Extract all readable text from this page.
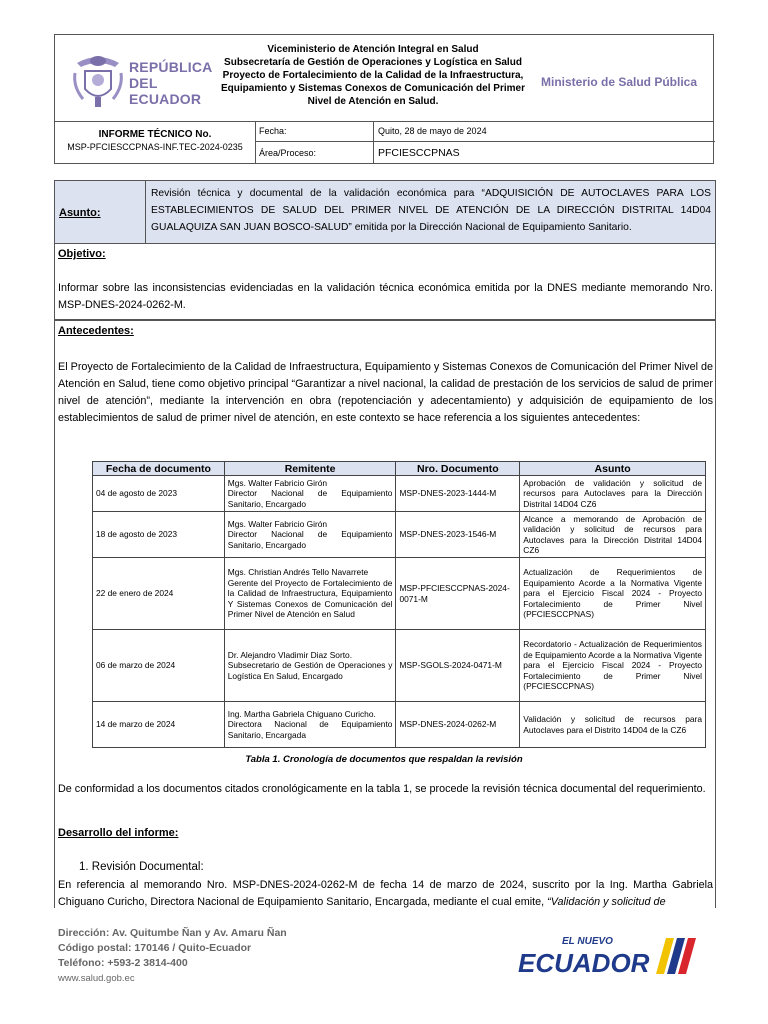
REPÚBLICA
DEL ECUADOR
Viceministerio de Atención Integral en Salud
Subsecretaría de Gestión de Operaciones y Logística en Salud
Proyecto de Fortalecimiento de la Calidad de la Infraestructura,
Equipamiento y Sistemas Conexos de Comunicación del Primer
Nivel de Atención en Salud.
Ministerio de Salud Pública
INFORME TÉCNICO No.
MSP-PFCIESCCPNAS-INF.TEC-2024-0235
Fecha:	Quito, 28 de mayo de 2024
Área/Proceso:	PFCIESCCPNAS
Asunto:
Revisión técnica y documental de la validación económica para “ADQUISICIÓN DE AUTOCLAVES PARA LOS ESTABLECIMIENTOS DE SALUD DEL PRIMER NIVEL DE ATENCIÓN DE LA DIRECCIÓN DISTRITAL 14D04 GUALAQUIZA SAN JUAN BOSCO-SALUD” emitida por la Dirección Nacional de Equipamiento Sanitario.
Objetivo:
Informar sobre las inconsistencias evidenciadas en la validación técnica económica emitida por la DNES mediante memorando Nro. MSP-DNES-2024-0262-M.
Antecedentes:
El Proyecto de Fortalecimiento de la Calidad de Infraestructura, Equipamiento y Sistemas Conexos de Comunicación del Primer Nivel de Atención en Salud, tiene como objetivo principal “Garantizar a nivel nacional, la calidad de prestación de los servicios de salud de primer nivel de atención”, mediante la intervención en obra (repotenciación y adecentamiento) y adquisición de equipamiento de los establecimientos de salud de primer nivel de atención, en este contexto se hace referencia a los siguientes antecedentes:
De conformidad a los documentos citados cronológicamente en la tabla 1, se procede la revisión técnica documental del requerimiento.
Desarrollo del informe:
1. Revisión Documental:
En referencia al memorando Nro. MSP-DNES-2024-0262-M de fecha 14 de marzo de 2024, suscrito por la Ing. Martha Gabriela Chiguano Curicho, Directora Nacional de Equipamiento Sanitario, Encargada, mediante el cual emite, “Validación y solicitud de
Fecha de documento	Remitente	Nro. Documento	Asunto
04 de agosto de 2023	Mgs. Walter Fabricio Girón
Director Nacional de Equipamiento Sanitario, Encargado	MSP-DNES-2023-1444-M	Aprobación de validación y solicitud de recursos para Autoclaves para la Dirección Distrital 14D04 CZ6
18 de agosto de 2023	Mgs. Walter Fabricio Girón
Director Nacional de Equipamiento Sanitario, Encargado	MSP-DNES-2023-1546-M	Alcance a memorando de Aprobación de validación y solicitud de recursos para Autoclaves para la Dirección Distrital 14D04 CZ6
22 de enero de 2024	Mgs. Christian Andrés Tello Navarrete
Gerente del Proyecto de Fortalecimiento de la Calidad de Infraestructura, Equipamiento Y Sistemas Conexos de Comunicación del Primer Nivel de Atención en Salud	MSP-PFCIESCCPNAS-2024-0071-M	Actualización de Requerimientos de Equipamiento Acorde a la Normativa Vigente para el Ejercicio Fiscal 2024 - Proyecto Fortalecimiento de Primer Nivel (PFCIESCCPNAS)
06 de marzo de 2024	Dr. Alejandro Vladimir Diaz Sorto.
Subsecretario de Gestión de Operaciones y Logística En Salud, Encargado	MSP-SGOLS-2024-0471-M	Recordatorio - Actualización de Requerimientos de Equipamiento Acorde a la Normativa Vigente para el Ejercicio Fiscal 2024 - Proyecto Fortalecimiento de Primer Nivel (PFCIESCCPNAS)
14 de marzo de 2024	Ing. Martha Gabriela Chiguano Curicho.
Directora Nacional de Equipamiento Sanitario, Encargada	MSP-DNES-2024-0262-M	Validación y solicitud de recursos para Autoclaves para el Distrito 14D04 de la CZ6
Tabla 1. Cronología de documentos que respaldan la revisión
Dirección: Av. Quitumbe Ñan y Av. Amaru Ñan
Código postal: 170146 / Quito-Ecuador
Teléfono: +593-2 3814-400
www.salud.gob.ec
EL NUEVO
ECUADOR
